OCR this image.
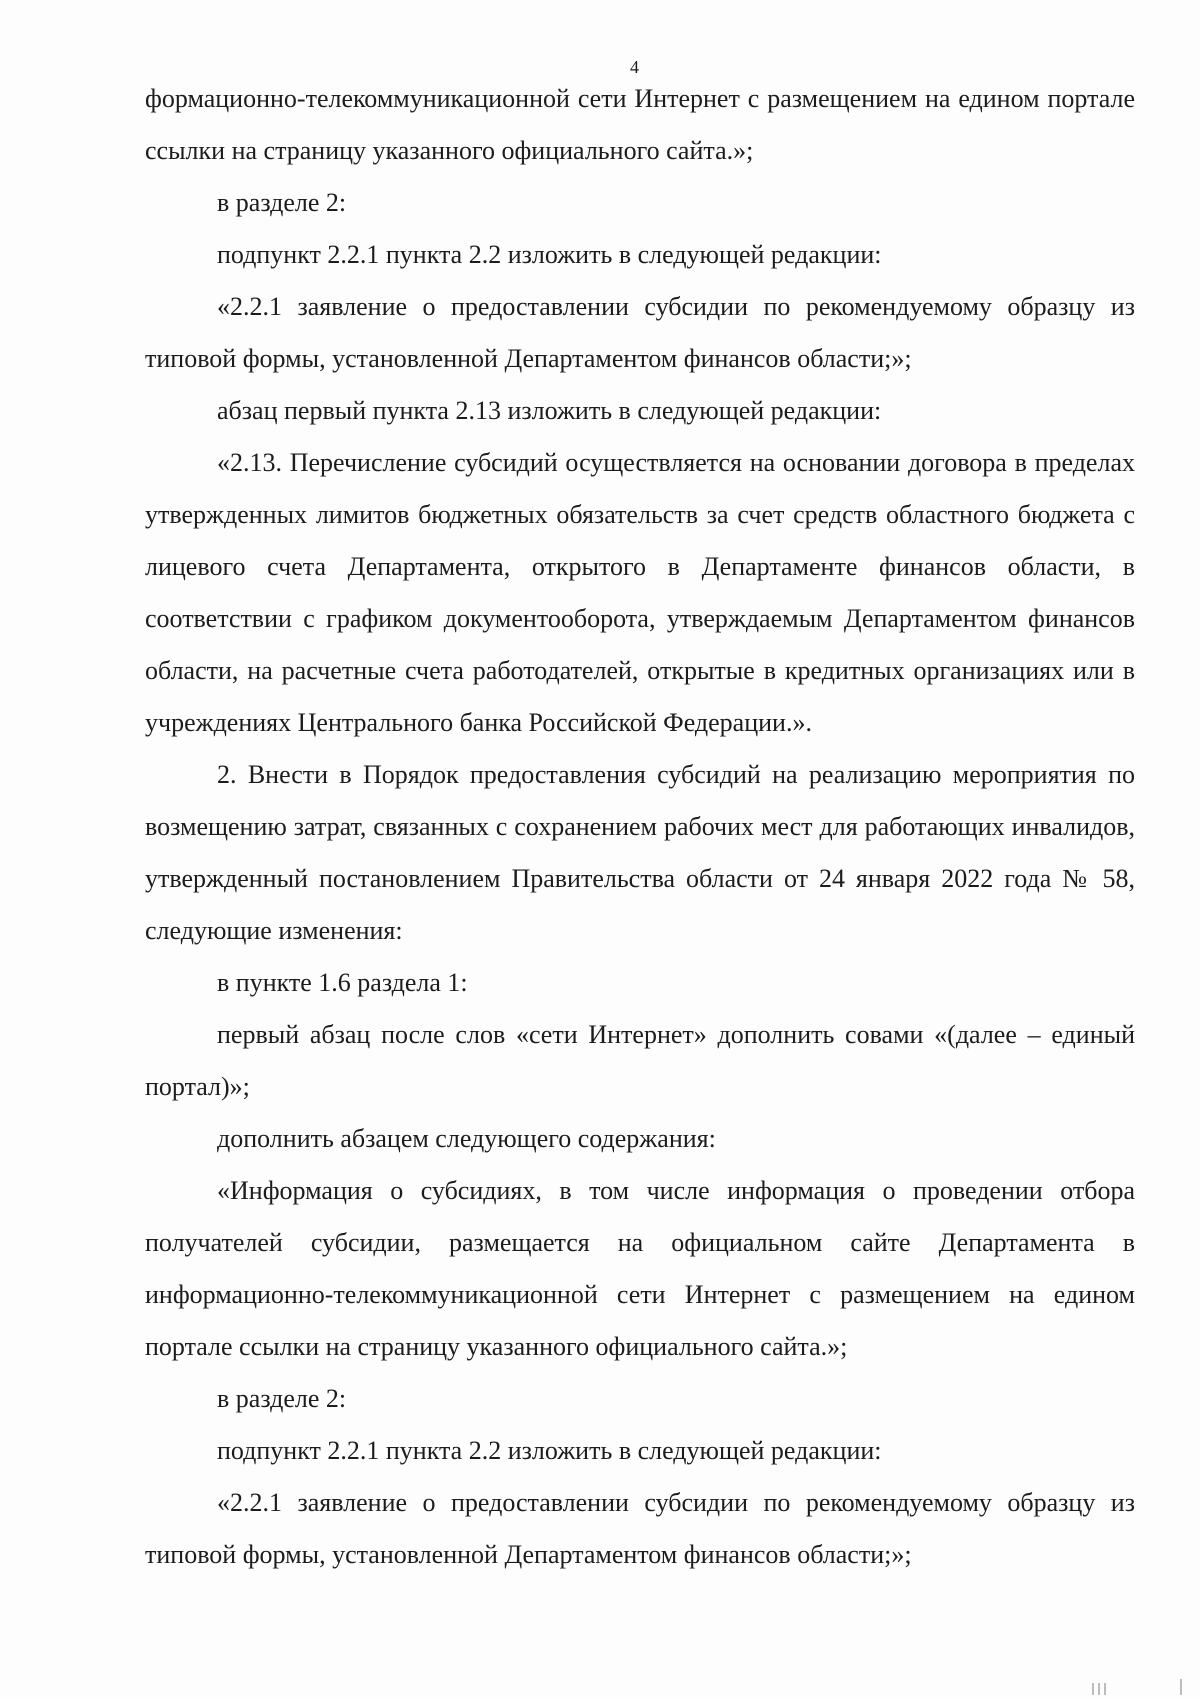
4

формационно-телекоммуникационной сети Интернет с размещением на едином портале ссылки на страницу указанного официального сайта.»;

в разделе 2:

подпункт 2.2.1 пункта 2.2 изложить в следующей редакции:

«2.2.1 заявление о предоставлении субсидии по рекомендуемому образцу из типовой формы, установленной Департаментом финансов области;»;

абзац первый пункта 2.13 изложить в следующей редакции:

«2.13. Перечисление субсидий осуществляется на основании договора в пределах утвержденных лимитов бюджетных обязательств за счет средств областного бюджета с лицевого счета Департамента, открытого в Департаменте финансов области, в соответствии с графиком документооборота, утверждаемым Департаментом финансов области, на расчетные счета работодателей, открытые в кредитных организациях или в учреждениях Центрального банка Российской Федерации.».

2. Внести в Порядок предоставления субсидий на реализацию мероприятия по возмещению затрат, связанных с сохранением рабочих мест для работающих инвалидов, утвержденный постановлением Правительства области от 24 января 2022 года № 58, следующие изменения:

в пункте 1.6 раздела 1:

первый абзац после слов «сети Интернет» дополнить совами «(далее – единый портал)»;

дополнить абзацем следующего содержания:

«Информация о субсидиях, в том числе информация о проведении отбора получателей субсидии, размещается на официальном сайте Департамента в информационно-телекоммуникационной сети Интернет с размещением на едином портале ссылки на страницу указанного официального сайта.»;

в разделе 2:

подпункт 2.2.1 пункта 2.2 изложить в следующей редакции:

«2.2.1 заявление о предоставлении субсидии по рекомендуемому образцу из типовой формы, установленной Департаментом финансов области;»;
